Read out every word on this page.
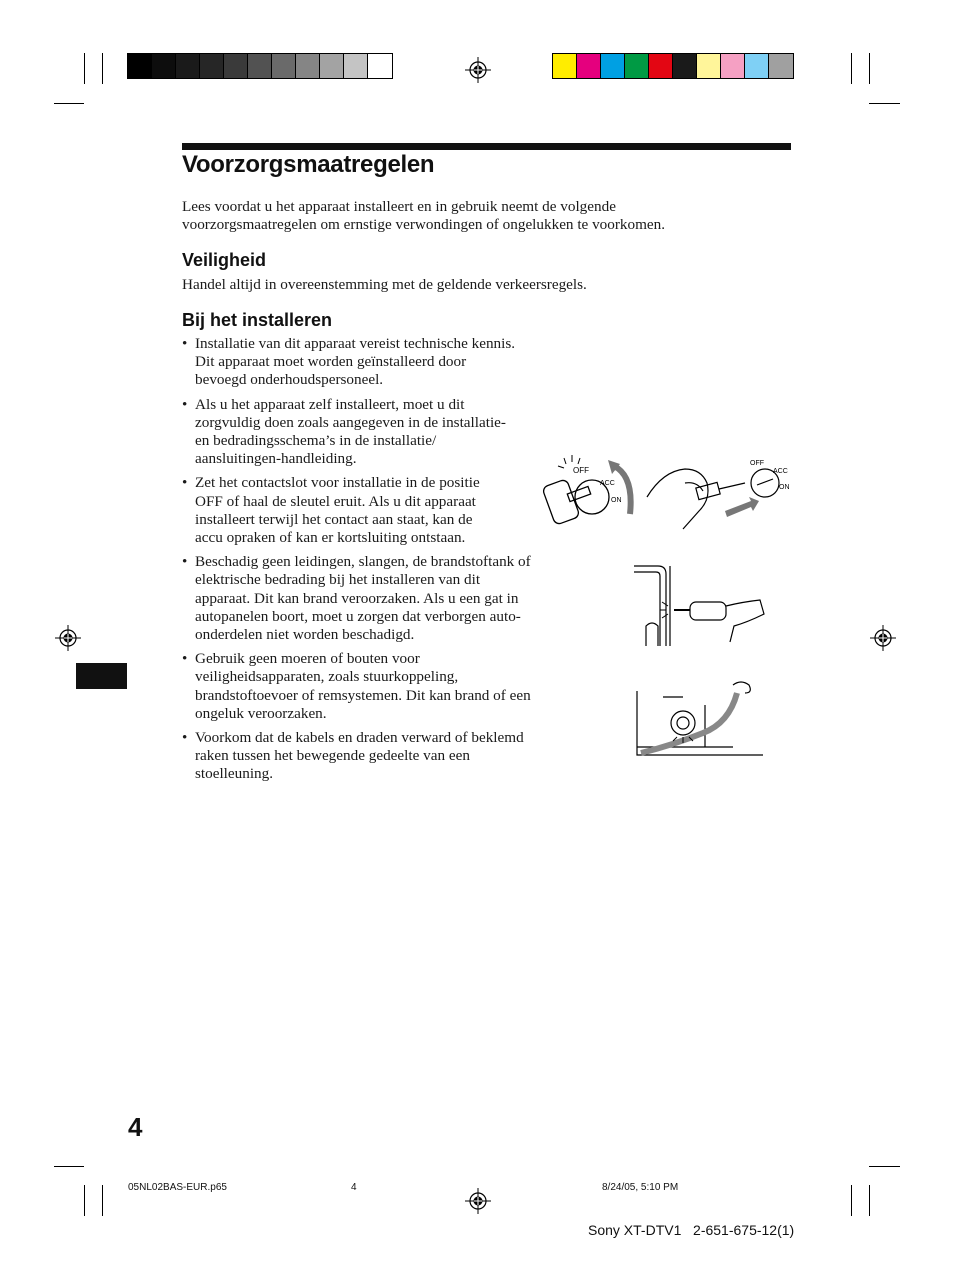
Voorzorgsmaatregelen
Lees voordat u het apparaat installeert en in gebruik neemt de volgende
voorzorgsmaatregelen om ernstige verwondingen of ongelukken te voorkomen.
Veiligheid
Handel altijd in overeenstemming met de geldende verkeersregels.
Bij het installeren
• Installatie van dit apparaat vereist technische kennis.
Dit apparaat moet worden geïnstalleerd door
bevoegd onderhoudspersoneel.
• Als u het apparaat zelf installeert, moet u dit
zorgvuldig doen zoals aangegeven in de installatie-
en bedradingsschema’s in de installatie/
aansluitingen-handleiding.
• Zet het contactslot voor installatie in de positie
OFF of haal de sleutel eruit. Als u dit apparaat
installeert terwijl het contact aan staat, kan de
accu opraken of kan er kortsluiting ontstaan.
• Beschadig geen leidingen, slangen, de brandstoftank of
elektrische bedrading bij het installeren van dit
apparaat. Dit kan brand veroorzaken. Als u een gat in
autopanelen boort, moet u zorgen dat verborgen auto-
onderdelen niet worden beschadigd.
• Gebruik geen moeren of bouten voor
veiligheidsapparaten, zoals stuurkoppeling,
brandstoftoevoer of remsystemen. Dit kan brand of een
ongeluk veroorzaken.
• Voorkom dat de kabels en draden verward of beklemd
raken tussen het bewegende gedeelte van een
stoelleuning.
OFF
ACC
ON
OFF
ACC
ON
4
05NL02BAS-EUR.p65	4	8/24/05, 5:10 PM
Sony XT-DTV1   2-651-675-12(1)
